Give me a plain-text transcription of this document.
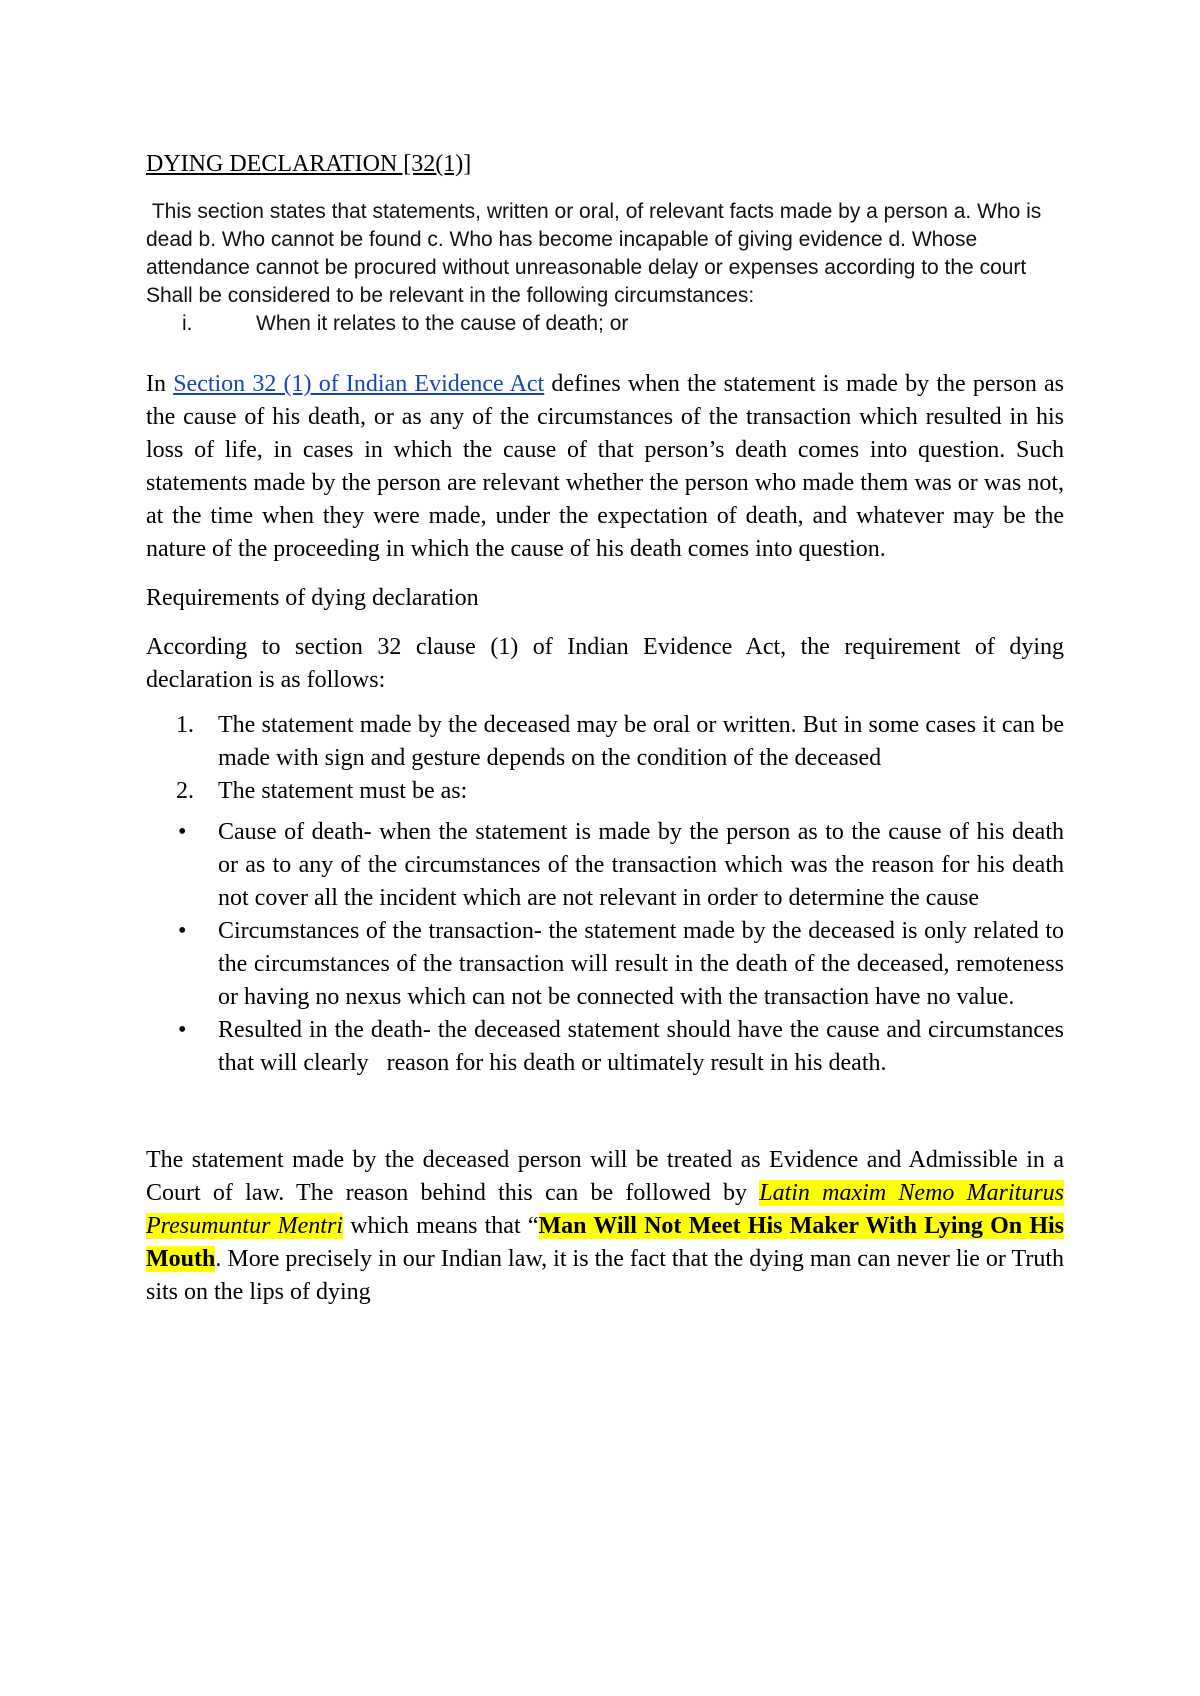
DYING DECLARATION [32(1)]

This section states that statements, written or oral, of relevant facts made by a person a. Who is dead b. Who cannot be found c. Who has become incapable of giving evidence d. Whose attendance cannot be procured without unreasonable delay or expenses according to the court

Shall be considered to be relevant in the following circumstances:

i.	When it relates to the cause of death; or

In Section 32 (1) of Indian Evidence Act defines when the statement is made by the person as the cause of his death, or as any of the circumstances of the transaction which resulted in his loss of life, in cases in which the cause of that person’s death comes into question. Such statements made by the person are relevant whether the person who made them was or was not, at the time when they were made, under the expectation of death, and whatever may be the nature of the proceeding in which the cause of his death comes into question.

Requirements of dying declaration

According to section 32 clause (1) of Indian Evidence Act, the requirement of dying declaration is as follows:

1.	The statement made by the deceased may be oral or written. But in some cases it can be made with sign and gesture depends on the condition of the deceased
2.	The statement must be as:
•	Cause of death- when the statement is made by the person as to the cause of his death or as to any of the circumstances of the transaction which was the reason for his death not cover all the incident which are not relevant in order to determine the cause
•	Circumstances of the transaction- the statement made by the deceased is only related to the circumstances of the transaction will result in the death of the deceased, remoteness or having no nexus which can not be connected with the transaction have no value.
•	Resulted in the death- the deceased statement should have the cause and circumstances that will clearly   reason for his death or ultimately result in his death.

The statement made by the deceased person will be treated as Evidence and Admissible in a Court of law. The reason behind this can be followed by Latin maxim Nemo Mariturus Presumuntur Mentri which means that “Man Will Not Meet His Maker With Lying On His Mouth. More precisely in our Indian law, it is the fact that the dying man can never lie or Truth sits on the lips of dying
